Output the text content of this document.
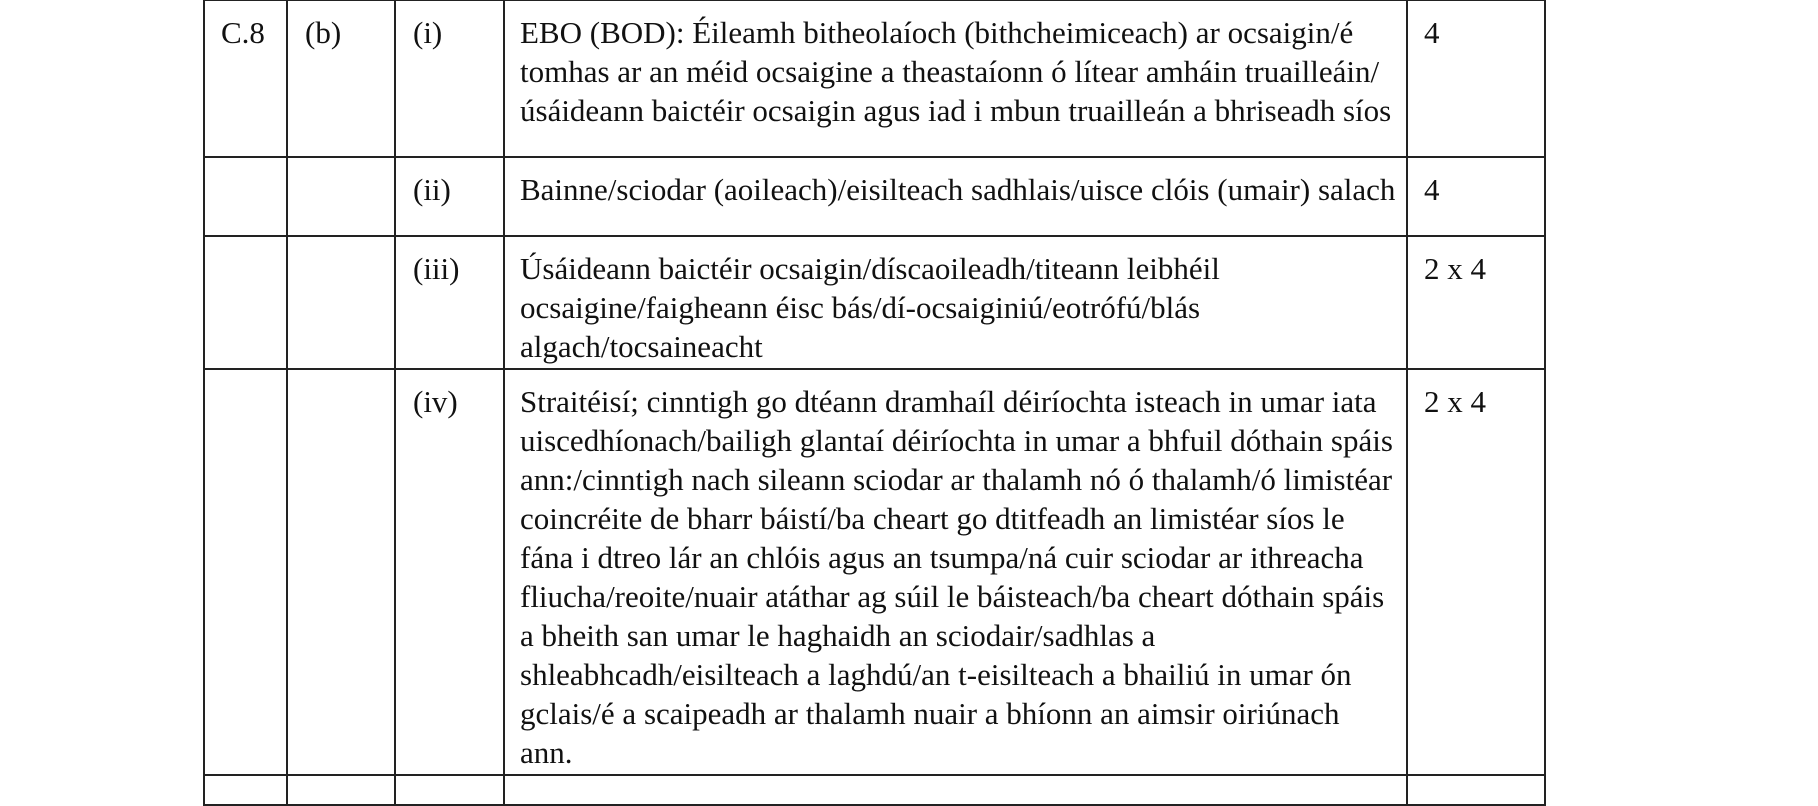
C.8	(b)	(i)	EBO (BOD): Éileamh bitheolaíoch (bithcheimiceach) ar ocsaigin/é tomhas ar an méid ocsaigine a theastaíonn ó lítear amháin truailleáin/úsáideann baictéir ocsaigin agus iad i mbun truailleán a bhriseadh síos	4

		(ii)	Bainne/sciodar (aoileach)/eisilteach sadhlais/uisce clóis (umair) salach	4

		(iii)	Úsáideann baictéir ocsaigin/díscaoileadh/titeann leibhéil ocsaigine/faigheann éisc bás/dí-ocsaiginiú/eotrófú/blás algach/tocsaineacht	2 x 4

		(iv)	Straitéisí; cinntigh go dtéann dramhaíl déiríochta isteach in umar iata uiscedhíonach/bailigh glantaí déiríochta in umar a bhfuil dóthain spáis ann:/cinntigh nach sileann sciodar ar thalamh nó ó thalamh/ó limistéar coincréite de bharr báistí/ba cheart go dtitfeadh an limistéar síos le fána i dtreo lár an chlóis agus an tsumpa/ná cuir sciodar ar ithreacha fliucha/reoite/nuair atáthar ag súil le báisteach/ba cheart dóthain spáis a bheith san umar le haghaidh an sciodair/sadhlas a shleabhcadh/eisilteach a laghdú/an t-eisilteach a bhailiú in umar ón gclais/é a scaipeadh ar thalamh nuair a bhíonn an aimsir oiriúnach ann.	2 x 4
